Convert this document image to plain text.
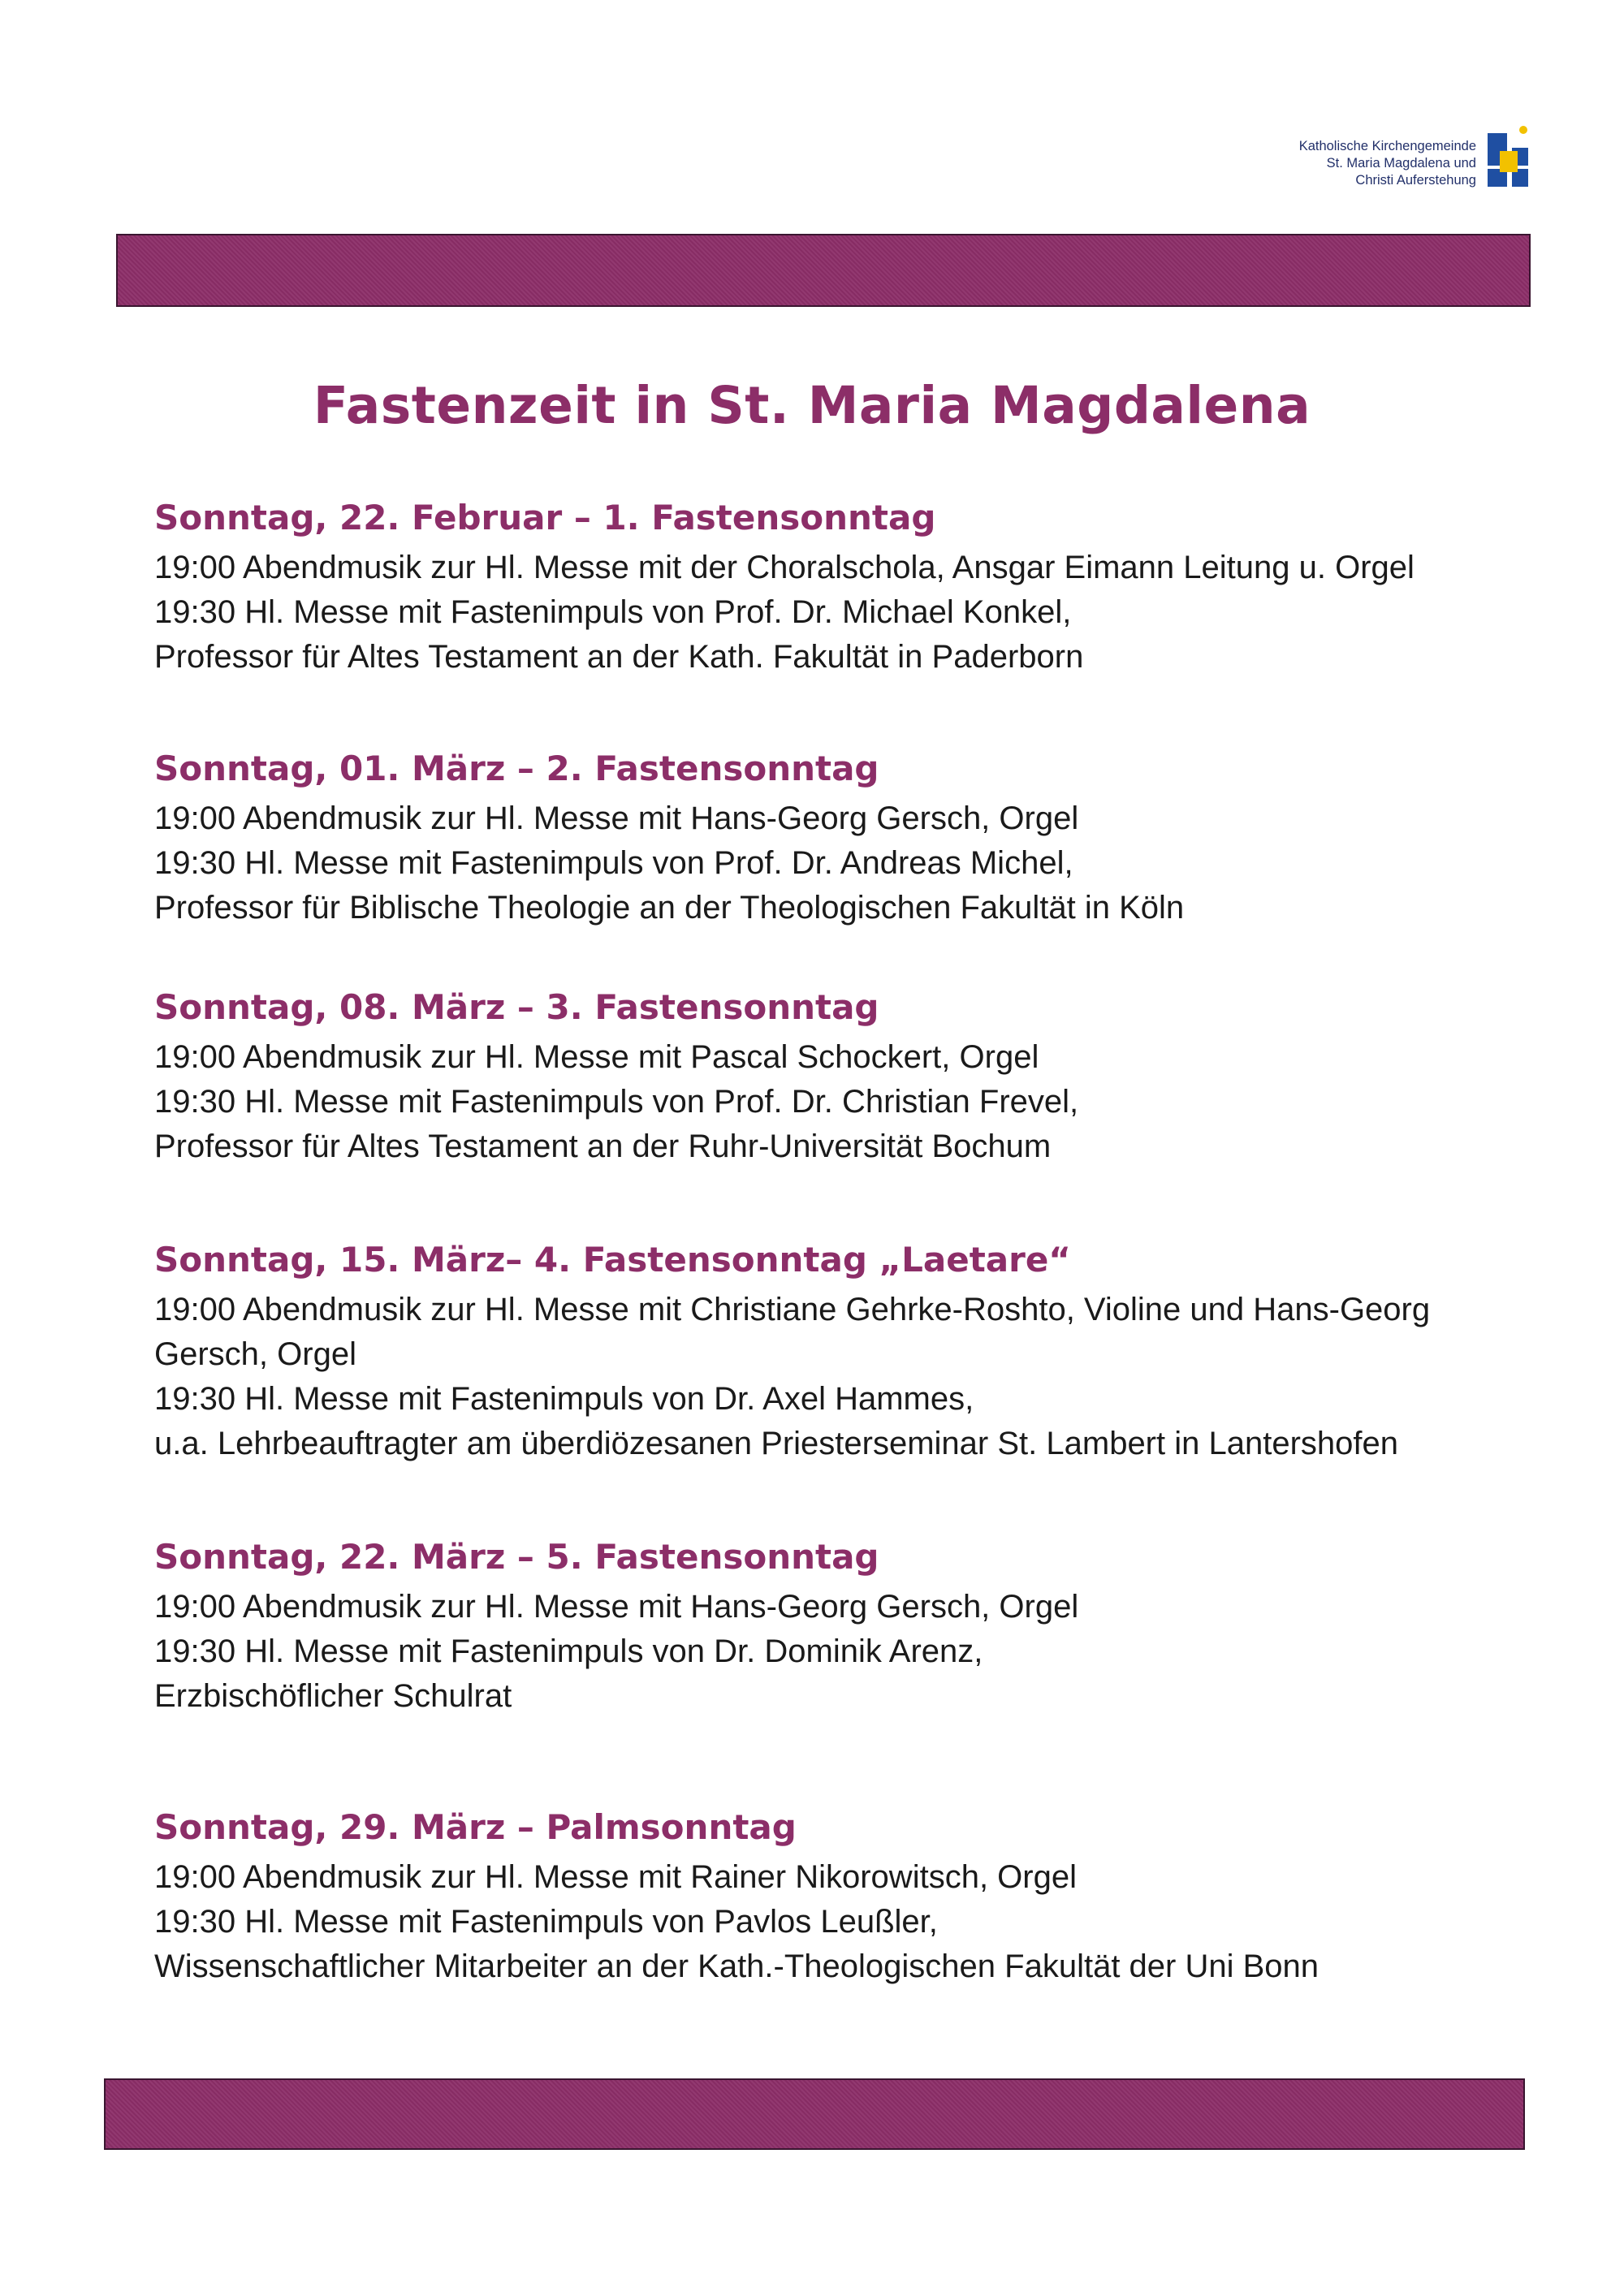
Katholische Kirchengemeinde
St. Maria Magdalena und
Christi Auferstehung
Fastenzeit in St. Maria Magdalena
Sonntag, 22. Februar – 1. Fastensonntag
19:00 Abendmusik zur Hl. Messe mit der Choralschola, Ansgar Eimann Leitung u. Orgel
19:30 Hl. Messe mit Fastenimpuls von Prof. Dr. Michael Konkel,
Professor für Altes Testament an der Kath. Fakultät in Paderborn
Sonntag, 01. März – 2. Fastensonntag
19:00 Abendmusik zur Hl. Messe mit Hans-Georg Gersch, Orgel
19:30 Hl. Messe mit Fastenimpuls von Prof. Dr. Andreas Michel,
Professor für Biblische Theologie an der Theologischen Fakultät in Köln
Sonntag, 08. März – 3. Fastensonntag
19:00 Abendmusik zur Hl. Messe mit Pascal Schockert, Orgel
19:30 Hl. Messe mit Fastenimpuls von Prof. Dr. Christian Frevel,
Professor für Altes Testament an der Ruhr-Universität Bochum
Sonntag, 15. März– 4. Fastensonntag „Laetare“
19:00 Abendmusik zur Hl. Messe mit Christiane Gehrke-Roshto, Violine und Hans-Georg Gersch, Orgel
19:30 Hl. Messe mit Fastenimpuls von Dr. Axel Hammes,
u.a. Lehrbeauftragter am überdiözesanen Priesterseminar St. Lambert in Lantershofen
Sonntag, 22. März – 5. Fastensonntag
19:00 Abendmusik zur Hl. Messe mit Hans-Georg Gersch, Orgel
19:30 Hl. Messe mit Fastenimpuls von Dr. Dominik Arenz,
Erzbischöflicher Schulrat
Sonntag, 29. März – Palmsonntag
19:00 Abendmusik zur Hl. Messe mit Rainer Nikorowitsch, Orgel
19:30 Hl. Messe mit Fastenimpuls von Pavlos Leußler,
Wissenschaftlicher Mitarbeiter an der Kath.-Theologischen Fakultät der Uni Bonn
